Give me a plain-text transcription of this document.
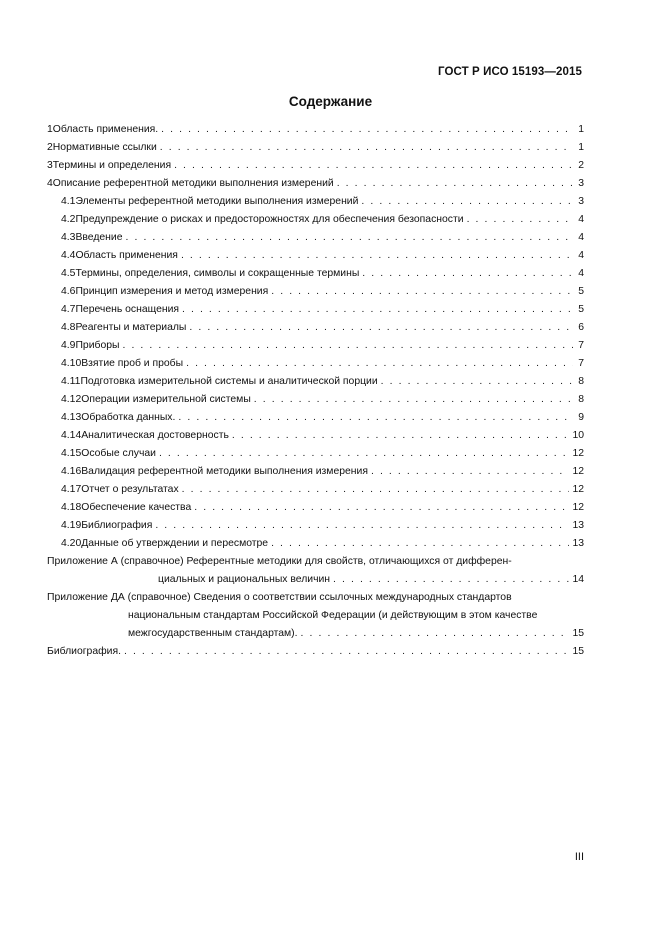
ГОСТ Р ИСО 15193—2015
Содержание
1 Область применения. . . .	1
2 Нормативные ссылки . . .	1
3 Термины и определения . . .	2
4 Описание референтной методики выполнения измерений . . .	3
4.1 Элементы референтной методики выполнения измерений . . .	3
4.2 Предупреждение о рисках и предосторожностях для обеспечения безопасности . . .	4
4.3 Введение . . .	4
4.4 Область применения . . .	4
4.5 Термины, определения, символы и сокращенные термины . . .	4
4.6 Принцип измерения и метод измерения . . .	5
4.7 Перечень оснащения . . .	5
4.8 Реагенты и материалы . . .	6
4.9 Приборы . . .	7
4.10 Взятие проб и пробы . . .	7
4.11 Подготовка измерительной системы и аналитической порции . . .	8
4.12 Операции измерительной системы . . .	8
4.13 Обработка данных. . . .	9
4.14 Аналитическая достоверность . . .	10
4.15 Особые случаи . . .	12
4.16 Валидация референтной методики выполнения измерения . . .	12
4.17 Отчет о результатах . . .	12
4.18 Обеспечение качества . . .	12
4.19 Библиография . . .	13
4.20 Данные об утверждении и пересмотре . . .	13
Приложение А (справочное) Референтные методики для свойств, отличающихся от дифферен-
циальных и рациональных величин . . .	14
Приложение ДА (справочное) Сведения о соответствии ссылочных международных стандартов
национальным стандартам Российской Федерации (и действующим в этом качестве
межгосударственным стандартам). . . .	15
Библиография. . . .	15
III
